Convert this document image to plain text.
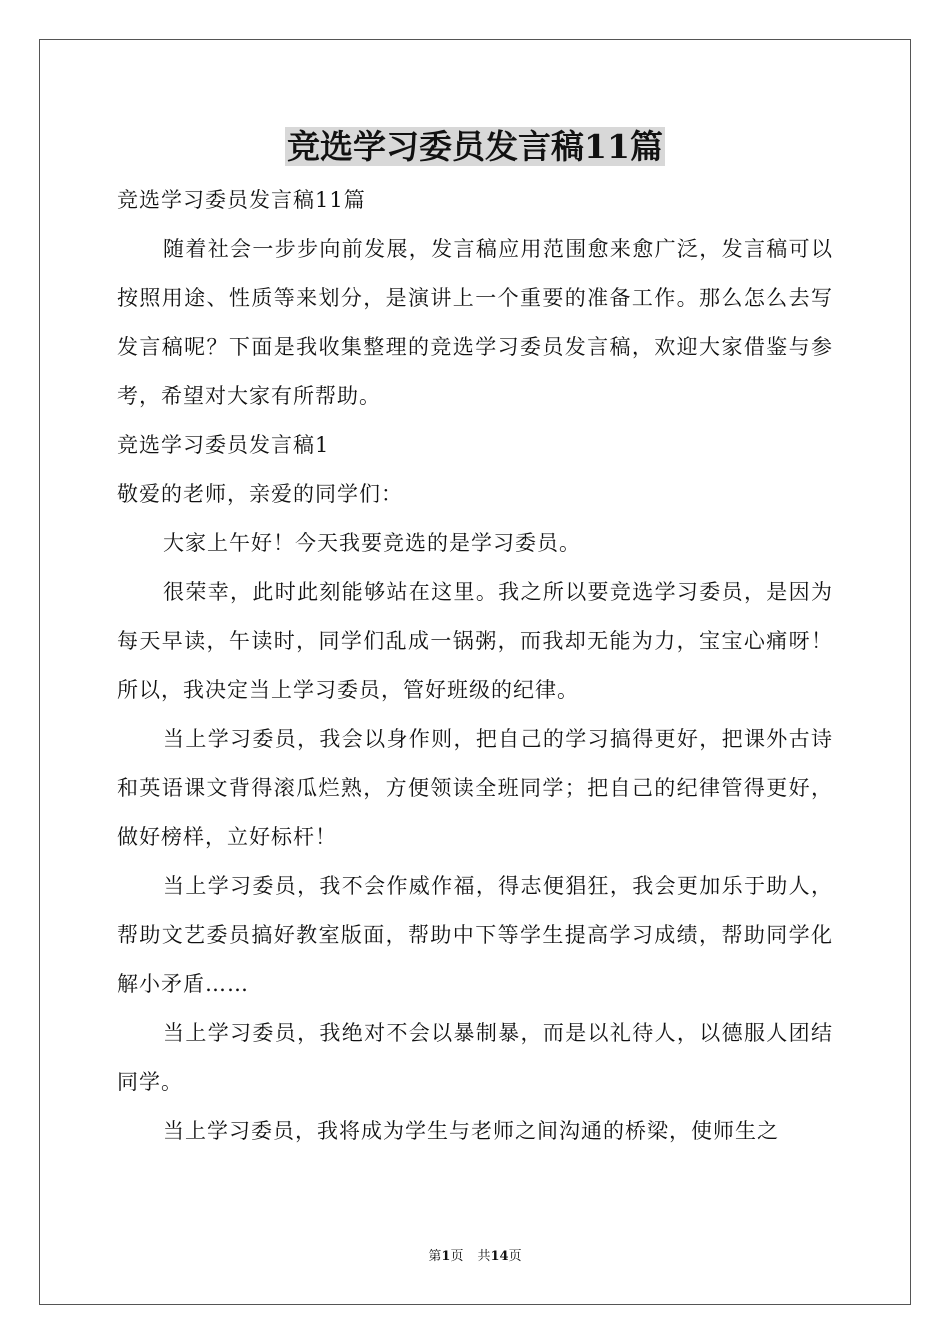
竞选学习委员发言稿11篇

竞选学习委员发言稿11篇

随着社会一步步向前发展，发言稿应用范围愈来愈广泛，发言稿可以按照用途、性质等来划分，是演讲上一个重要的准备工作。那么怎么去写发言稿呢？下面是我收集整理的竞选学习委员发言稿，欢迎大家借鉴与参考，希望对大家有所帮助。

竞选学习委员发言稿1

敬爱的老师，亲爱的同学们：

大家上午好！今天我要竞选的是学习委员。

很荣幸，此时此刻能够站在这里。我之所以要竞选学习委员，是因为每天早读，午读时，同学们乱成一锅粥，而我却无能为力，宝宝心痛呀！所以，我决定当上学习委员，管好班级的纪律。

当上学习委员，我会以身作则，把自己的学习搞得更好，把课外古诗和英语课文背得滚瓜烂熟，方便领读全班同学；把自己的纪律管得更好，做好榜样，立好标杆！

当上学习委员，我不会作威作福，得志便猖狂，我会更加乐于助人，帮助文艺委员搞好教室版面，帮助中下等学生提高学习成绩，帮助同学化解小矛盾……

当上学习委员，我绝对不会以暴制暴，而是以礼待人，以德服人团结同学。

当上学习委员，我将成为学生与老师之间沟通的桥梁，使师生之

第1页 共14页
